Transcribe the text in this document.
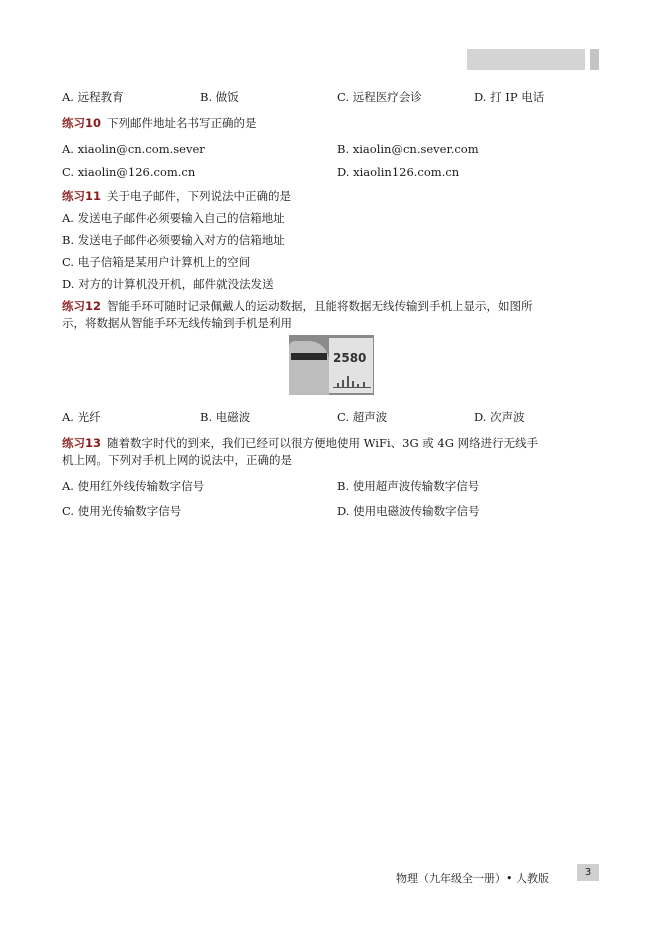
A. 远程教育	B. 做饭	C. 远程医疗会诊	D. 打 IP 电话
练习10 下列邮件地址名书写正确的是
A. xiaolin@cn.com.sever	B. xiaolin@cn.sever.com
C. xiaolin@126.com.cn	D. xiaolin126.com.cn
练习11 关于电子邮件，下列说法中正确的是
A. 发送电子邮件必须要输入自己的信箱地址
B. 发送电子邮件必须要输入对方的信箱地址
C. 电子信箱是某用户计算机上的空间
D. 对方的计算机没开机，邮件就没法发送
练习12 智能手环可随时记录佩戴人的运动数据，且能将数据无线传输到手机上显示，如图所
示，将数据从智能手环无线传输到手机是利用
2580
A. 光纤	B. 电磁波	C. 超声波	D. 次声波
练习13 随着数字时代的到来，我们已经可以很方便地使用 WiFi、3G 或 4G 网络进行无线手
机上网。下列对手机上网的说法中，正确的是
A. 使用红外线传输数字信号	B. 使用超声波传输数字信号
C. 使用光传输数字信号	D. 使用电磁波传输数字信号
物理（九年级全一册）• 人教版	3
